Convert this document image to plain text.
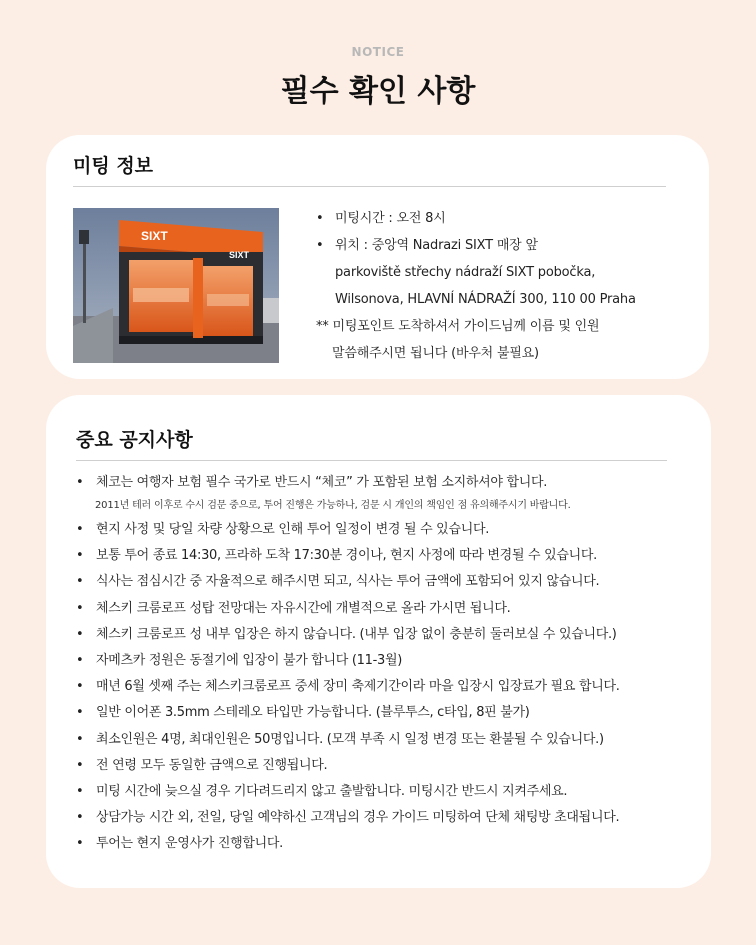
NOTICE
필수 확인 사항
미팅 정보
SIXT
SIXT
• 미팅시간 : 오전 8시
• 위치 : 중앙역 Nadrazi SIXT 매장 앞
parkoviště střechy nádraží SIXT pobočka,
Wilsonova, HLAVNÍ NÁDRAŽÍ 300, 110 00 Praha
** 미팅포인트 도착하셔서 가이드님께 이름 및 인원
말씀해주시면 됩니다 (바우처 불필요)
중요 공지사항
• 체코는 여행자 보험 필수 국가로 반드시 “체코” 가 포함된 보험 소지하셔야 합니다.
2011년 테러 이후로 수시 검문 중으로, 투어 진행은 가능하나, 검문 시 개인의 책임인 점 유의해주시기 바랍니다.
• 현지 사정 및 당일 차량 상황으로 인해 투어 일정이 변경 될 수 있습니다.
• 보통 투어 종료 14:30, 프라하 도착 17:30분 경이나, 현지 사정에 따라 변경될 수 있습니다.
• 식사는 점심시간 중 자율적으로 해주시면 되고, 식사는 투어 금액에 포함되어 있지 않습니다.
• 체스키 크룸로프 성탑 전망대는 자유시간에 개별적으로 올라 가시면 됩니다.
• 체스키 크룸로프 성 내부 입장은 하지 않습니다. (내부 입장 없이 충분히 둘러보실 수 있습니다.)
• 자메츠카 정원은 동절기에 입장이 불가 합니다 (11-3월)
• 매년 6월 셋째 주는 체스키크룸로프 중세 장미 축제기간이라 마을 입장시 입장료가 필요 합니다.
• 일반 이어폰 3.5mm 스테레오 타입만 가능합니다. (블루투스, c타입, 8핀 불가)
• 최소인원은 4명, 최대인원은 50명입니다. (모객 부족 시 일정 변경 또는 환불될 수 있습니다.)
• 전 연령 모두 동일한 금액으로 진행됩니다.
• 미팅 시간에 늦으실 경우 기다려드리지 않고 출발합니다. 미팅시간 반드시 지켜주세요.
• 상담가능 시간 외, 전일, 당일 예약하신 고객님의 경우 가이드 미팅하여 단체 채팅방 초대됩니다.
• 투어는 현지 운영사가 진행합니다.
